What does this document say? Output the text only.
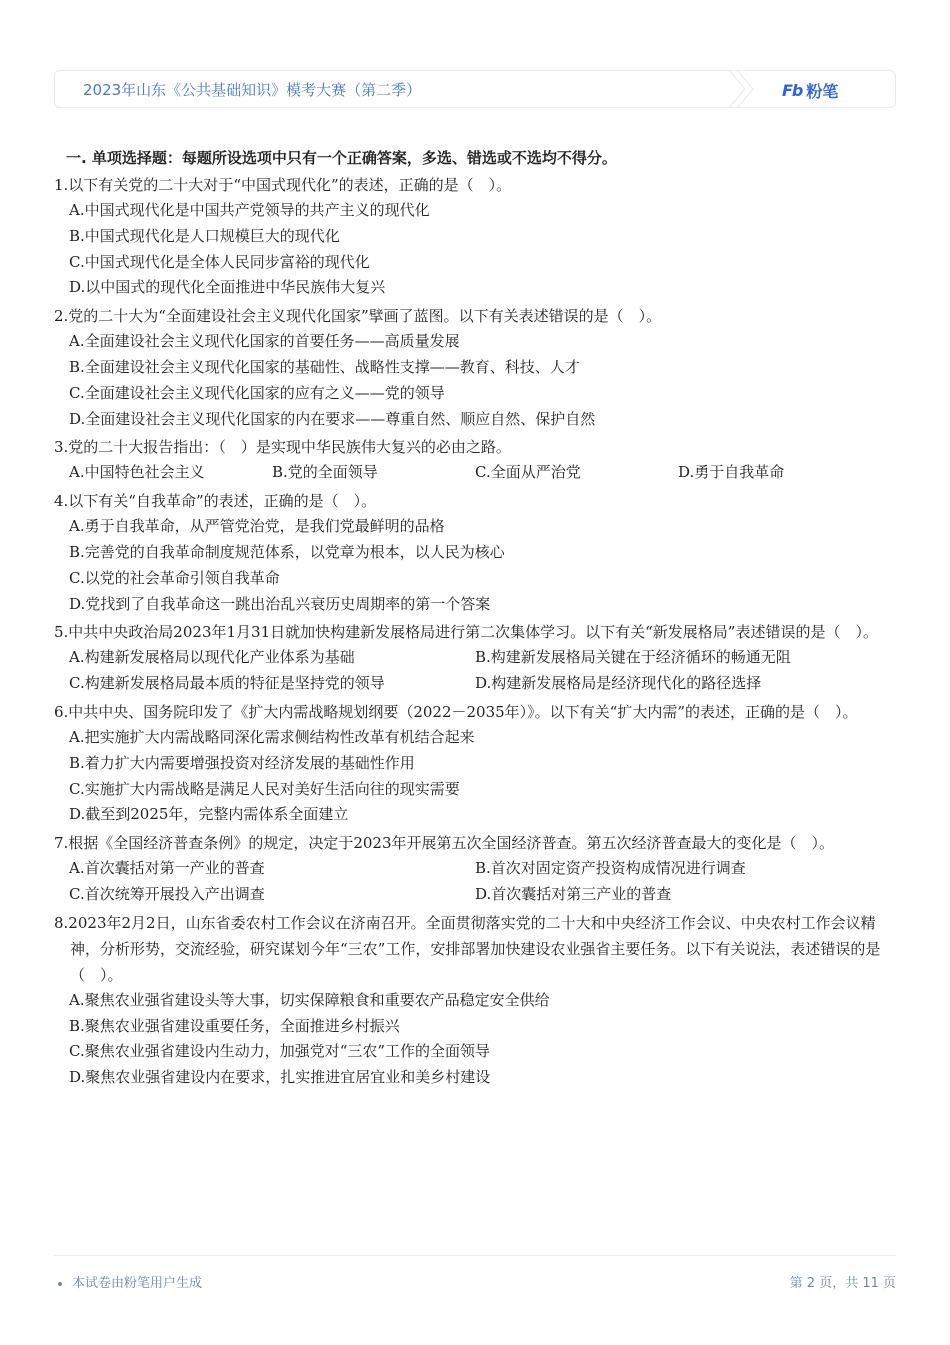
2023年山东《公共基础知识》模考大赛（第二季）	Fb 粉笔
一. 单项选择题：每题所设选项中只有一个正确答案，多选、错选或不选均不得分。
1.以下有关党的二十大对于“中国式现代化”的表述，正确的是（　）。
A.中国式现代化是中国共产党领导的共产主义的现代化
B.中国式现代化是人口规模巨大的现代化
C.中国式现代化是全体人民同步富裕的现代化
D.以中国式的现代化全面推进中华民族伟大复兴
2.党的二十大为“全面建设社会主义现代化国家”擘画了蓝图。以下有关表述错误的是（　）。
A.全面建设社会主义现代化国家的首要任务——高质量发展
B.全面建设社会主义现代化国家的基础性、战略性支撑——教育、科技、人才
C.全面建设社会主义现代化国家的应有之义——党的领导
D.全面建设社会主义现代化国家的内在要求——尊重自然、顺应自然、保护自然
3.党的二十大报告指出：（　）是实现中华民族伟大复兴的必由之路。
A.中国特色社会主义	B.党的全面领导	C.全面从严治党	D.勇于自我革命
4.以下有关“自我革命”的表述，正确的是（　）。
A.勇于自我革命，从严管党治党，是我们党最鲜明的品格
B.完善党的自我革命制度规范体系，以党章为根本，以人民为核心
C.以党的社会革命引领自我革命
D.党找到了自我革命这一跳出治乱兴衰历史周期率的第一个答案
5.中共中央政治局2023年1月31日就加快构建新发展格局进行第二次集体学习。以下有关“新发展格局”表述错误的是（　）。
A.构建新发展格局以现代化产业体系为基础	B.构建新发展格局关键在于经济循环的畅通无阻
C.构建新发展格局最本质的特征是坚持党的领导	D.构建新发展格局是经济现代化的路径选择
6.中共中央、国务院印发了《扩大内需战略规划纲要（2022－2035年）》。以下有关“扩大内需”的表述，正确的是（　）。
A.把实施扩大内需战略同深化需求侧结构性改革有机结合起来
B.着力扩大内需要增强投资对经济发展的基础性作用
C.实施扩大内需战略是满足人民对美好生活向往的现实需要
D.截至到2025年，完整内需体系全面建立
7.根据《全国经济普查条例》的规定，决定于2023年开展第五次全国经济普查。第五次经济普查最大的变化是（　）。
A.首次囊括对第一产业的普查	B.首次对固定资产投资构成情况进行调查
C.首次统筹开展投入产出调查	D.首次囊括对第三产业的普查
8.2023年2月2日，山东省委农村工作会议在济南召开。全面贯彻落实党的二十大和中央经济工作会议、中央农村工作会议精神，分析形势，交流经验，研究谋划今年“三农”工作，安排部署加快建设农业强省主要任务。以下有关说法，表述错误的是（　）。
A.聚焦农业强省建设头等大事，切实保障粮食和重要农产品稳定安全供给
B.聚焦农业强省建设重要任务，全面推进乡村振兴
C.聚焦农业强省建设内生动力，加强党对“三农”工作的全面领导
D.聚焦农业强省建设内在要求，扎实推进宜居宜业和美乡村建设
本试卷由粉笔用户生成	第 2 页，共 11 页
